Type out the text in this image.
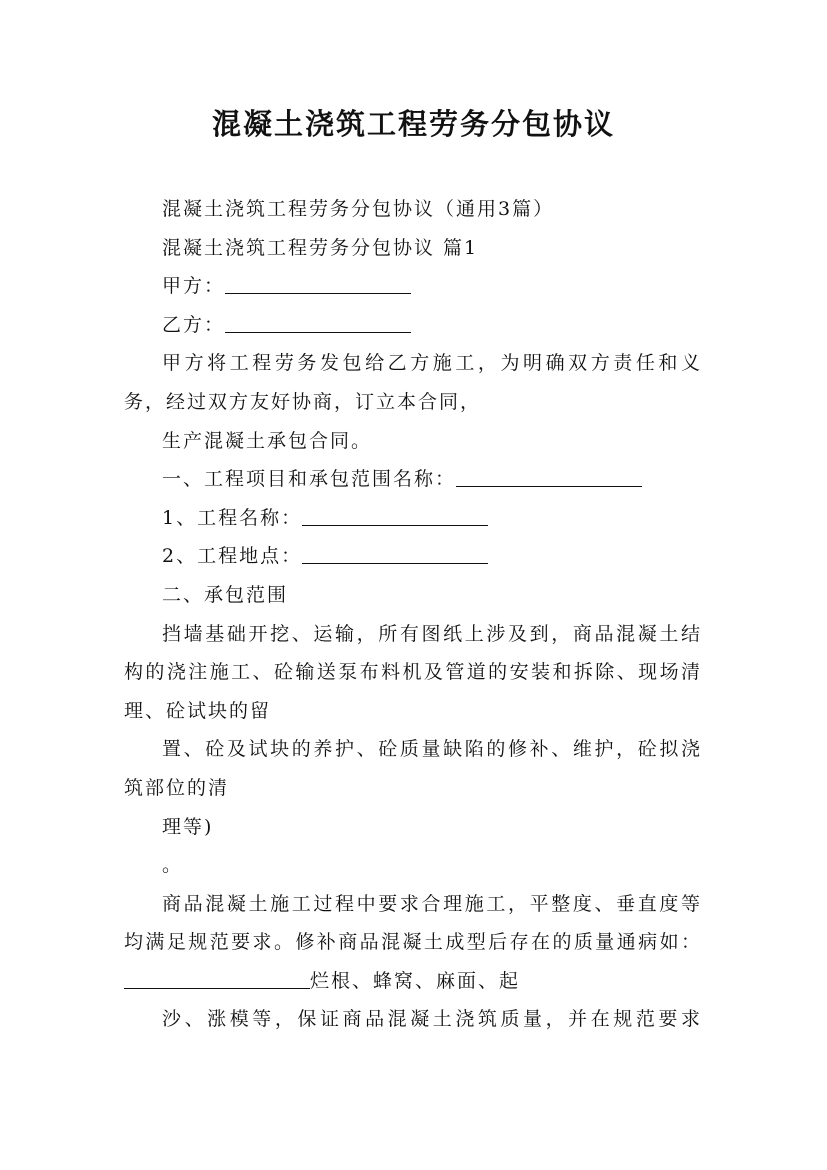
混凝土浇筑工程劳务分包协议

混凝土浇筑工程劳务分包协议（通用3篇）

混凝土浇筑工程劳务分包协议 篇1

甲方：

乙方：

甲方将工程劳务发包给乙方施工，为明确双方责任和义务，经过双方友好协商，订立本合同，

生产混凝土承包合同。

一、工程项目和承包范围名称：

1、工程名称：

2、工程地点：

二、承包范围

挡墙基础开挖、运输，所有图纸上涉及到，商品混凝土结构的浇注施工、砼输送泵布料机及管道的安装和拆除、现场清理、砼试块的留

置、砼及试块的养护、砼质量缺陷的修补、维护，砼拟浇筑部位的清

理等)

。

商品混凝土施工过程中要求合理施工，平整度、垂直度等均满足规范要求。修补商品混凝土成型后存在的质量通病如：烂根、蜂窝、麻面、起

沙、涨模等，保证商品混凝土浇筑质量，并在规范要求
